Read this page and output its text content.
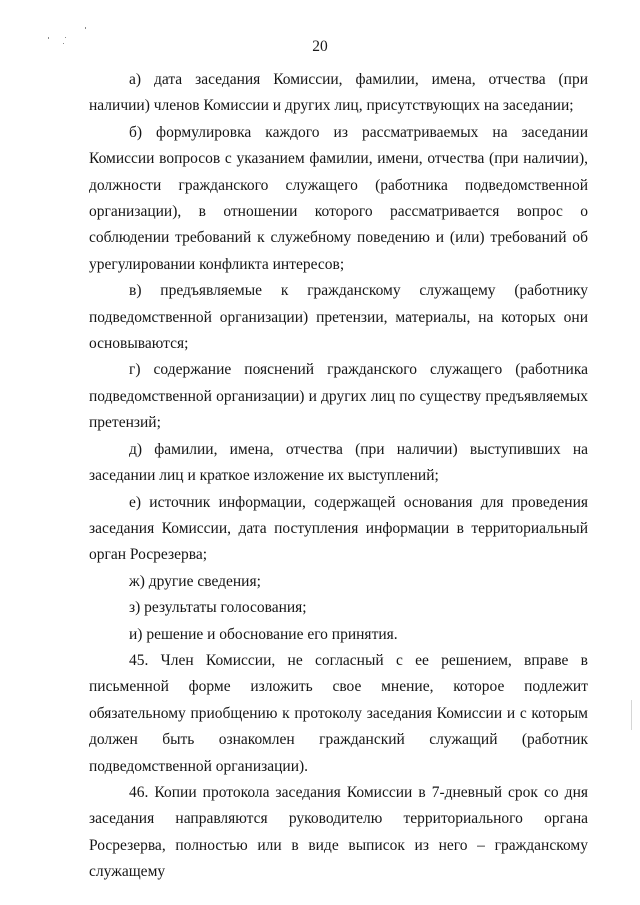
20

а) дата заседания Комиссии, фамилии, имена, отчества (при наличии) членов Комиссии и других лиц, присутствующих на заседании;

б) формулировка каждого из рассматриваемых на заседании Комиссии вопросов с указанием фамилии, имени, отчества (при наличии), должности гражданского служащего (работника подведомственной организации), в отношении которого рассматривается вопрос о соблюдении требований к служебному поведению и (или) требований об урегулировании конфликта интересов;

в) предъявляемые к гражданскому служащему (работнику подведомственной организации) претензии, материалы, на которых они основываются;

г) содержание пояснений гражданского служащего (работника подведомственной организации) и других лиц по существу предъявляемых претензий;

д) фамилии, имена, отчества (при наличии) выступивших на заседании лиц и краткое изложение их выступлений;

е) источник информации, содержащей основания для проведения заседания Комиссии, дата поступления информации в территориальный орган Росрезерва;

ж) другие сведения;

з) результаты голосования;

и) решение и обоснование его принятия.

45. Член Комиссии, не согласный с ее решением, вправе в письменной форме изложить свое мнение, которое подлежит обязательному приобщению к протоколу заседания Комиссии и с которым должен быть ознакомлен гражданский служащий (работник подведомственной организации).

46. Копии протокола заседания Комиссии в 7-дневный срок со дня заседания направляются руководителю территориального органа Росрезерва, полностью или в виде выписок из него – гражданскому служащему
